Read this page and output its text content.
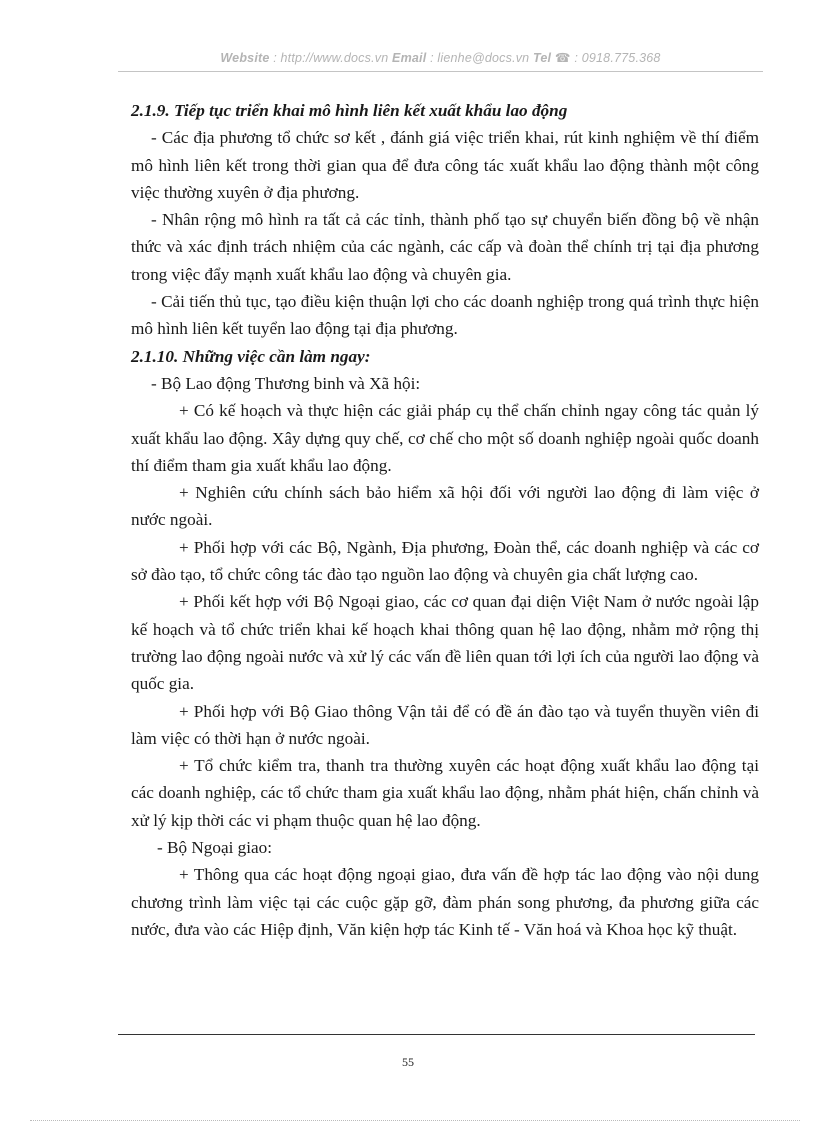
Website : http://www.docs.vn Email : lienhe@docs.vn Tel ☎ : 0918.775.368

2.1.9. Tiếp tục triển khai mô hình liên kết xuất khẩu lao động

- Các địa phương tổ chức sơ kết , đánh giá việc triển khai, rút kinh nghiệm về thí điểm mô hình liên kết trong thời gian qua để đưa công tác xuất khẩu lao động thành một công việc thường xuyên ở địa phương.

- Nhân rộng mô hình ra tất cả các tỉnh, thành phố tạo sự chuyển biến đồng bộ về nhận thức và xác định trách nhiệm của các ngành, các cấp và đoàn thể chính trị tại địa phương trong việc đẩy mạnh xuất khẩu lao động và chuyên gia.

- Cải tiến thủ tục, tạo điều kiện thuận lợi cho các doanh nghiệp trong quá trình thực hiện mô hình liên kết tuyển lao động tại địa phương.

2.1.10. Những việc cần làm ngay:

- Bộ Lao động Thương binh và Xã hội:

+ Có kế hoạch và thực hiện các giải pháp cụ thể chấn chỉnh ngay công tác quản lý xuất khẩu lao động. Xây dựng quy chế, cơ chế cho một số doanh nghiệp ngoài quốc doanh thí điểm tham gia xuất khẩu lao động.

+ Nghiên cứu chính sách bảo hiểm xã hội đối với người lao động đi làm việc ở nước ngoài.

+ Phối hợp với các Bộ, Ngành, Địa phương, Đoàn thể, các doanh nghiệp và các cơ sở đào tạo, tổ chức công tác đào tạo nguồn lao động và chuyên gia chất lượng cao.

+ Phối kết hợp với Bộ Ngoại giao, các cơ quan đại diện Việt Nam ở nước ngoài lập kế hoạch và tổ chức triển khai kế hoạch khai thông quan hệ lao động, nhằm mở rộng thị trường lao động ngoài nước và xử lý các vấn đề liên quan tới lợi ích của người lao động và quốc gia.

+ Phối hợp với Bộ Giao thông Vận tải để có đề án đào tạo và tuyển thuyền viên đi làm việc có thời hạn ở nước ngoài.

+ Tổ chức kiểm tra, thanh tra thường xuyên các hoạt động xuất khẩu lao động tại các doanh nghiệp, các tổ chức tham gia xuất khẩu lao động, nhằm phát hiện, chấn chỉnh và xử lý kịp thời các vi phạm thuộc quan hệ lao động.

- Bộ Ngoại giao:

+ Thông qua các hoạt động ngoại giao, đưa vấn đề hợp tác lao động vào nội dung chương trình làm việc tại các cuộc gặp gỡ, đàm phán song phương, đa phương giữa các nước, đưa vào các Hiệp định, Văn kiện hợp tác Kinh tế - Văn hoá và Khoa học kỹ thuật.

55
